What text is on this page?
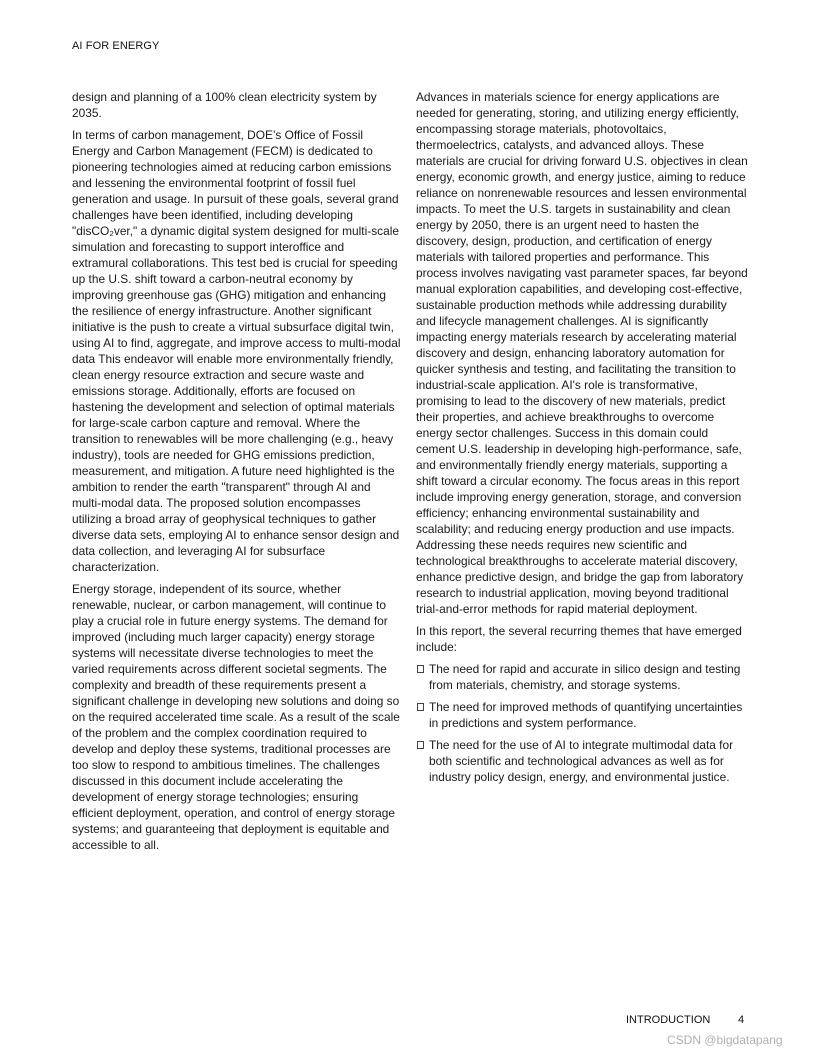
AI FOR ENERGY

design and planning of a 100% clean electricity system by 2035.

In terms of carbon management, DOE’s Office of Fossil Energy and Carbon Management (FECM) is dedicated to pioneering technologies aimed at reducing carbon emissions and lessening the environmental footprint of fossil fuel generation and usage. In pursuit of these goals, several grand challenges have been identified, including developing "disCO₂ver," a dynamic digital system designed for multi-scale simulation and forecasting to support interoffice and extramural collaborations. This test bed is crucial for speeding up the U.S. shift toward a carbon-neutral economy by improving greenhouse gas (GHG) mitigation and enhancing the resilience of energy infrastructure. Another significant initiative is the push to create a virtual subsurface digital twin, using AI to find, aggregate, and improve access to multi-modal data This endeavor will enable more environmentally friendly, clean energy resource extraction and secure waste and emissions storage. Additionally, efforts are focused on hastening the development and selection of optimal materials for large-scale carbon capture and removal. Where the transition to renewables will be more challenging (e.g., heavy industry), tools are needed for GHG emissions prediction, measurement, and mitigation. A future need highlighted is the ambition to render the earth "transparent" through AI and multi-modal data. The proposed solution encompasses utilizing a broad array of geophysical techniques to gather diverse data sets, employing AI to enhance sensor design and data collection, and leveraging AI for subsurface characterization.

Energy storage, independent of its source, whether renewable, nuclear, or carbon management, will continue to play a crucial role in future energy systems. The demand for improved (including much larger capacity) energy storage systems will necessitate diverse technologies to meet the varied requirements across different societal segments. The complexity and breadth of these requirements present a significant challenge in developing new solutions and doing so on the required accelerated time scale. As a result of the scale of the problem and the complex coordination required to develop and deploy these systems, traditional processes are too slow to respond to ambitious timelines. The challenges discussed in this document include accelerating the development of energy storage technologies; ensuring efficient deployment, operation, and control of energy storage systems; and guaranteeing that deployment is equitable and accessible to all.

Advances in materials science for energy applications are needed for generating, storing, and utilizing energy efficiently, encompassing storage materials, photovoltaics, thermoelectrics, catalysts, and advanced alloys. These materials are crucial for driving forward U.S. objectives in clean energy, economic growth, and energy justice, aiming to reduce reliance on nonrenewable resources and lessen environmental impacts. To meet the U.S. targets in sustainability and clean energy by 2050, there is an urgent need to hasten the discovery, design, production, and certification of energy materials with tailored properties and performance. This process involves navigating vast parameter spaces, far beyond manual exploration capabilities, and developing cost-effective, sustainable production methods while addressing durability and lifecycle management challenges. AI is significantly impacting energy materials research by accelerating material discovery and design, enhancing laboratory automation for quicker synthesis and testing, and facilitating the transition to industrial-scale application. AI's role is transformative, promising to lead to the discovery of new materials, predict their properties, and achieve breakthroughs to overcome energy sector challenges. Success in this domain could cement U.S. leadership in developing high-performance, safe, and environmentally friendly energy materials, supporting a shift toward a circular economy. The focus areas in this report include improving energy generation, storage, and conversion efficiency; enhancing environmental sustainability and scalability; and reducing energy production and use impacts. Addressing these needs requires new scientific and technological breakthroughs to accelerate material discovery, enhance predictive design, and bridge the gap from laboratory research to industrial application, moving beyond traditional trial-and-error methods for rapid material deployment.

In this report, the several recurring themes that have emerged include:

The need for rapid and accurate in silico design and testing from materials, chemistry, and storage systems.
The need for improved methods of quantifying uncertainties in predictions and system performance.
The need for the use of AI to integrate multimodal data for both scientific and technological advances as well as for industry policy design, energy, and environmental justice.
INTRODUCTION	4
CSDN @bigdatapang
